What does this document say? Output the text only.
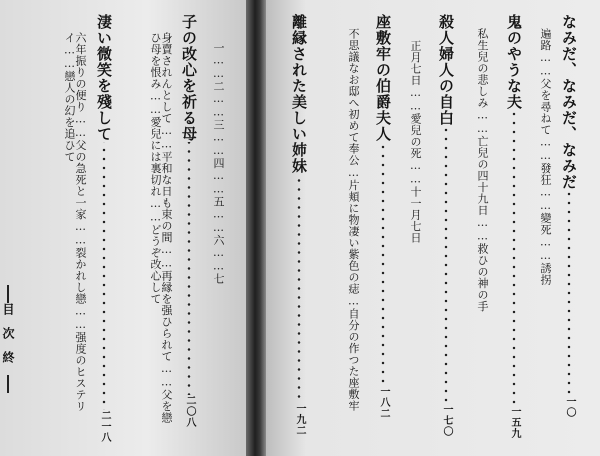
なみだ、なみだ、なみだ一〇
遍路……父を尋ねて……發狂……變死……誘拐
鬼のやうな夫一五九
私生兒の悲しみ……亡兒の四十九日……救ひの神の手
殺人婦人の自白一七〇
正月七日……愛兒の死……十一月七日
座敷牢の伯爵夫人一八二
不思議なお邸へ初めて奉公…片頬に物凄い紫色の痣…自分の作つた座敷牢
離縁された美しい姉妹一九二
一……二……三……四……五……六……七
子の改心を祈る母二〇八
身賣されんとして……平和な日も束の間……再縁を强ひられて……父を戀ひ母を恨み……愛兒には裏切れ……どうぞ改心して
淒い微笑を殘して二一八
六年振りの便り……父の急死と一家……裂かれし戀……强度のヒステリイ……戀人の幻を追ひて
目次終
